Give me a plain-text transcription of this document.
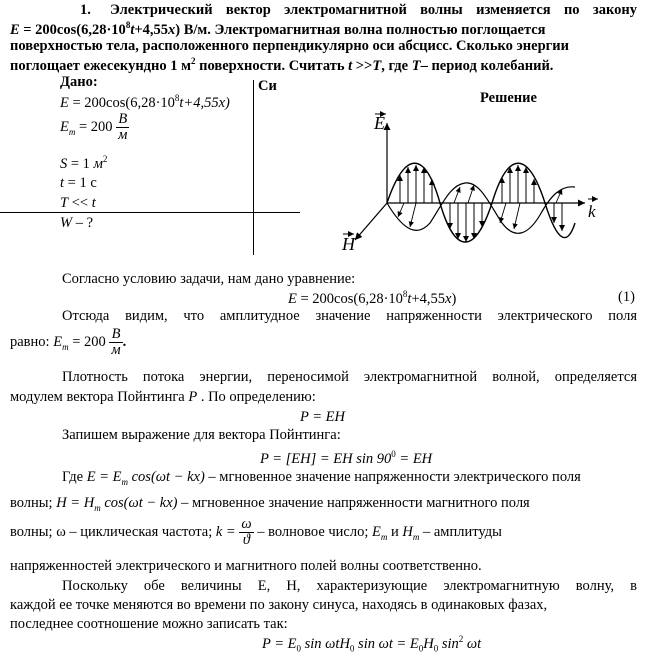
1. Электрический вектор электромагнитной волны изменяется по закону
$E = 200\cos(6,28\cdot 10^8t+4,55x)$ В/м. Электромагнитная волна полностью поглощается
поверхностью тела, расположенного перпендикулярно оси абсцисс. Сколько энергии
поглощает ежесекундно 1 $м^2$ поверхности. Считать t >>T, где T– период колебаний.
Дано:	Си
$E = 200\cos(6,28\cdot 10^8t+4,55x)$
$E_m = 200 \frac{B}{м}$
S = 1 $м^2$
t = 1 c
T << t
W – ?
Решение
E
k
H
Согласно условию задачи, нам дано уравнение:
$E = 200\cos(6,28\cdot 10^8t+4,55x)$	(1)
Отсюда видим, что амплитудное значение напряженности электрического поля
равно: $E_m = 200 \frac{B}{м}$ .
Плотность потока энергии, переносимой электромагнитной волной, определяется
модулем вектора Пойнтинга P . По определению:
P = EH
Запишем выражение для вектора Пойнтинга:
P = [EH] = EH $\sin 90^0$ = EH
Где $E = E_m$ cos(ωt − kx) – мгновенное значение напряженности электрического поля
волны; $H = H_m$ cos(ωt − kx) – мгновенное значение напряженности магнитного поля
волны; ω – циклическая частота; $k = \frac{\omega}{ϑ}$ – волновое число; $E_m$ и $H_m$ – амплитуды
напряженностей электрического и магнитного полей волны соответственно.
Поскольку обе величины Е, Н, характеризующие электромагнитную волну, в
каждой ее точке меняются во времени по закону синуса, находясь в одинаковых фазах,
последнее соотношение можно записать так:
$P = E_0$ sin ωtH$_0$ $\sin \omega t = E_0H_0$ $\sin^2 \omega t$
